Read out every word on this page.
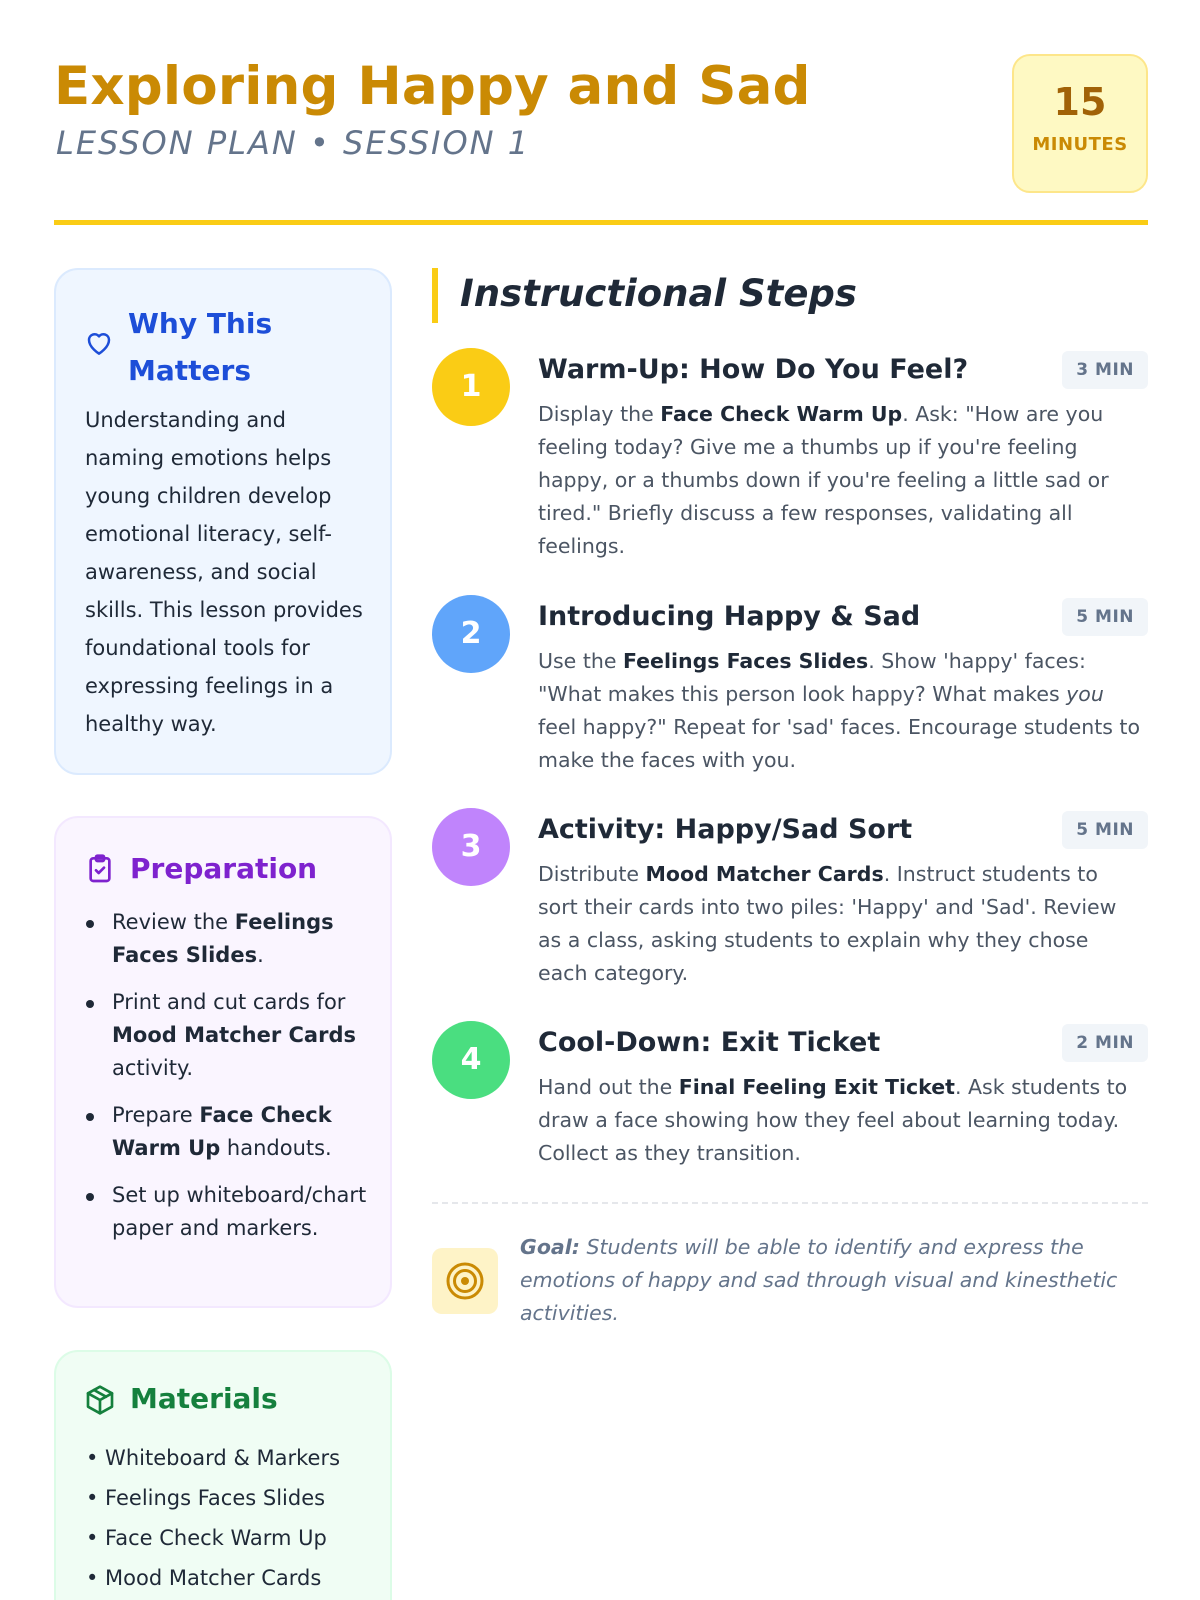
Exploring Happy and Sad
LESSON PLAN • SESSION 1
15
MINUTES
Why This Matters
Understanding and naming emotions helps young children develop emotional literacy, self-awareness, and social skills. This lesson provides foundational tools for expressing feelings in a healthy way.
Preparation
Review the Feelings Faces Slides.
Print and cut cards for Mood Matcher Cards activity.
Prepare Face Check Warm Up handouts.
Set up whiteboard/chart paper and markers.
Materials
• Whiteboard & Markers
• Feelings Faces Slides
• Face Check Warm Up
• Mood Matcher Cards
Instructional Steps
1	Warm-Up: How Do You Feel?	3 MIN
Display the Face Check Warm Up. Ask: "How are you feeling today? Give me a thumbs up if you're feeling happy, or a thumbs down if you're feeling a little sad or tired." Briefly discuss a few responses, validating all feelings.
2	Introducing Happy & Sad	5 MIN
Use the Feelings Faces Slides. Show 'happy' faces: "What makes this person look happy? What makes you feel happy?" Repeat for 'sad' faces. Encourage students to make the faces with you.
3	Activity: Happy/Sad Sort	5 MIN
Distribute Mood Matcher Cards. Instruct students to sort their cards into two piles: 'Happy' and 'Sad'. Review as a class, asking students to explain why they chose each category.
4	Cool-Down: Exit Ticket	2 MIN
Hand out the Final Feeling Exit Ticket. Ask students to draw a face showing how they feel about learning today. Collect as they transition.
Goal: Students will be able to identify and express the emotions of happy and sad through visual and kinesthetic activities.
